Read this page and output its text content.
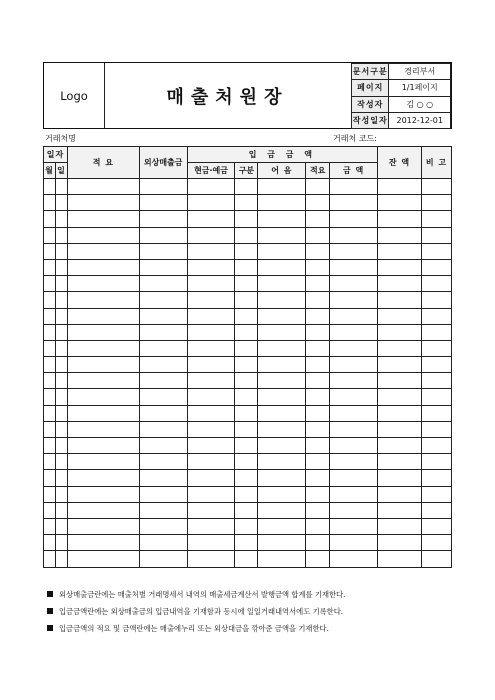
Logo	매출처원장
문서구분	경리부서
페이지	1/1페이지
작성자	김 ○ ○
작성일자	2012-12-01
거래처명	거래처 코드:
일자		적 요	외상매출금	입 금 금 액					잔 액	비 고
월	일			현금·예금	구분	어 음	적요	금 액		

외상매출금란에는 매출처별 거래명세서 내역의 매출세금계산서 발행금액 합계를 기재한다.
입금금액란에는 외상매출금의 입금내역을 기재함과 동시에 일일거래내역서에도 기록한다.
입금금액의 적요 및 금액란에는 매출에누리 또는 외상대금을 깎아준 금액을 기재한다.
